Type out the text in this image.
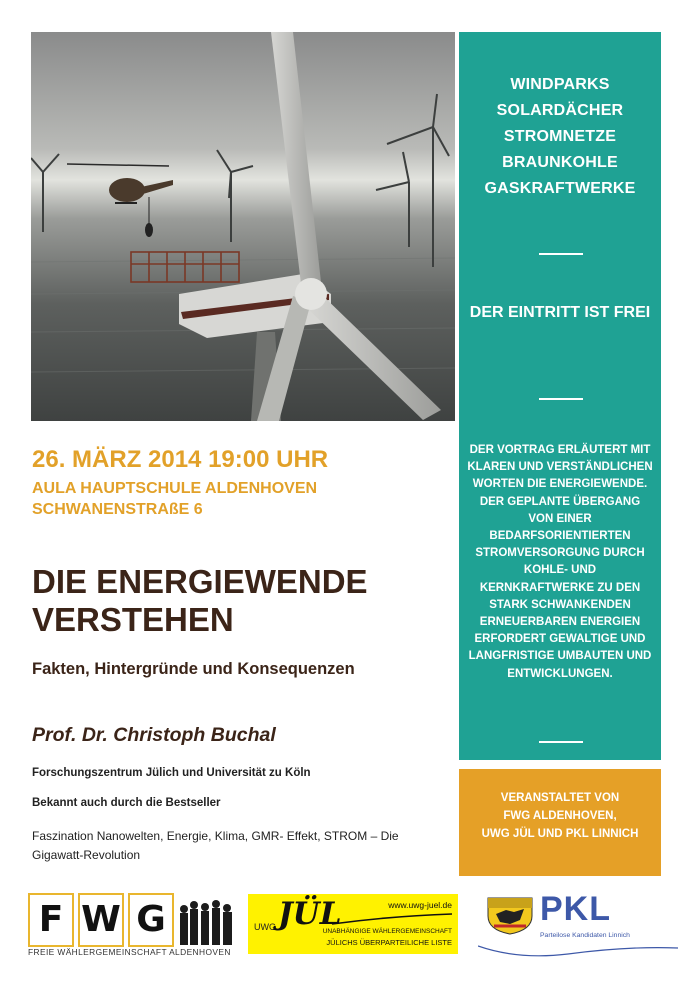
WINDPARKS
SOLARDÄCHER
STROMNETZE
BRAUNKOHLE
GASKRAFTWERKE
DER EINTRITT IST FREI
DER VORTRAG ERLÄUTERT MIT KLAREN UND VERSTÄNDLICHEN WORTEN DIE ENERGIEWENDE. DER GEPLANTE ÜBERGANG VON EINER BEDARFSORIENTIERTEN STROMVERSORGUNG DURCH KOHLE- UND KERNKRAFTWERKE ZU DEN STARK SCHWANKENDEN ERNEUERBAREN ENERGIEN ERFORDERT GEWALTIGE UND LANGFRISTIGE UMBAUTEN UND ENTWICKLUNGEN.
VERANSTALTET VON
FWG ALDENHOVEN,
UWG JÜL UND PKL LINNICH
26. MÄRZ 2014 19:00 UHR
AULA HAUPTSCHULE ALDENHOVEN
SCHWANENSTRAßE 6
DIE ENERGIEWENDE
VERSTEHEN
Fakten, Hintergründe und Konsequenzen
Prof. Dr. Christoph Buchal
Forschungszentrum Jülich und Universität zu Köln
Bekannt auch durch die Bestseller
Faszination Nanowelten, Energie, Klima, GMR- Effekt, STROM – Die Gigawatt-Revolution
F W G
FREIE WÄHLERGEMEINSCHAFT ALDENHOVEN
UWG JÜL	www.uwg-juel.de
UNABHÄNGIGE WÄHLERGEMEINSCHAFT
JÜLICHS ÜBERPARTEILICHE LISTE
PKL
Parteilose Kandidaten Linnich
